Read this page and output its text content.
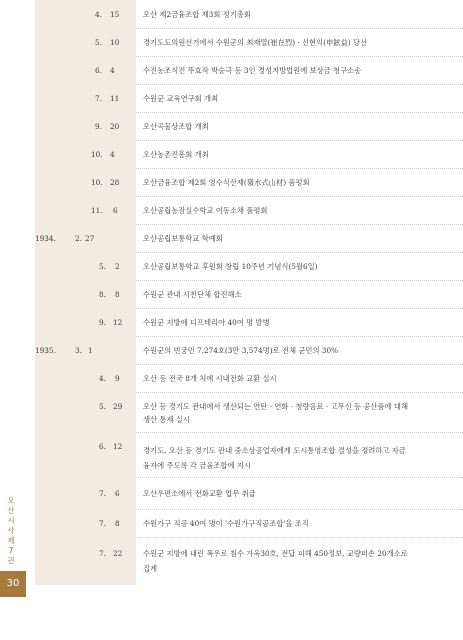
4. 15	오산 제2금융조합 제3회 정기총회
5. 10	경기도도의원선거에서 수원군의 최재열(崔在烈) · 신현익(申鉉益) 당선
6. 4	수진농조식건 뚜효작 박승극 등 3인 경성지방법원에 보상금 청구소송
7. 11	수원군 교육연구회 개최
9. 20	오산곡물상조합 개최
10. 4	오산농촌진흥회 개최
10. 28	오산금융조합 제2회 영수식산재(嶺水式山材) 품평회
11. 6	오산공립농잠실수학교 이동소채 품평회
1934.	2. 27	오산공립보통학교 학예회
5. 2	오산공립보통학교 후원회 창립 10주년 기념식(5월6일)
8. 8	수원군 관내 시천단체 합진해소
9. 12	수원군 지방에 디프테리아 40여 명 발병
1935.	3. 1	수원군의 빈궁민 7,274호(3만 3,574명)로 전체 군민의 30%
4. 9	오산 등 전국 8개 처에 시내전화 교환 실시
5. 29	오산 등 경기도 관내에서 생산되는 연탄 · 연화 · 청량음료 · 고무신 등 공산품에 대해
생산 통제 실시
6. 12	경기도, 오산 등 경기도 관내 중소상공업자에게 도시통영조합 결성을 정려하고 자금
융자에 주도록 각 금융조합에 지시
7. 6	오산우편소에서 전화교환 업무 취급
7. 8	수원가구 직공 40여 명이 '수원가구직공조합'을 조직
7. 22	수원군 지방에 내린 폭우로 침수 가옥30호, 전답 피해 450정보, 교량피손 20개소로
집계
오
산
시
사
제
7
권
30
